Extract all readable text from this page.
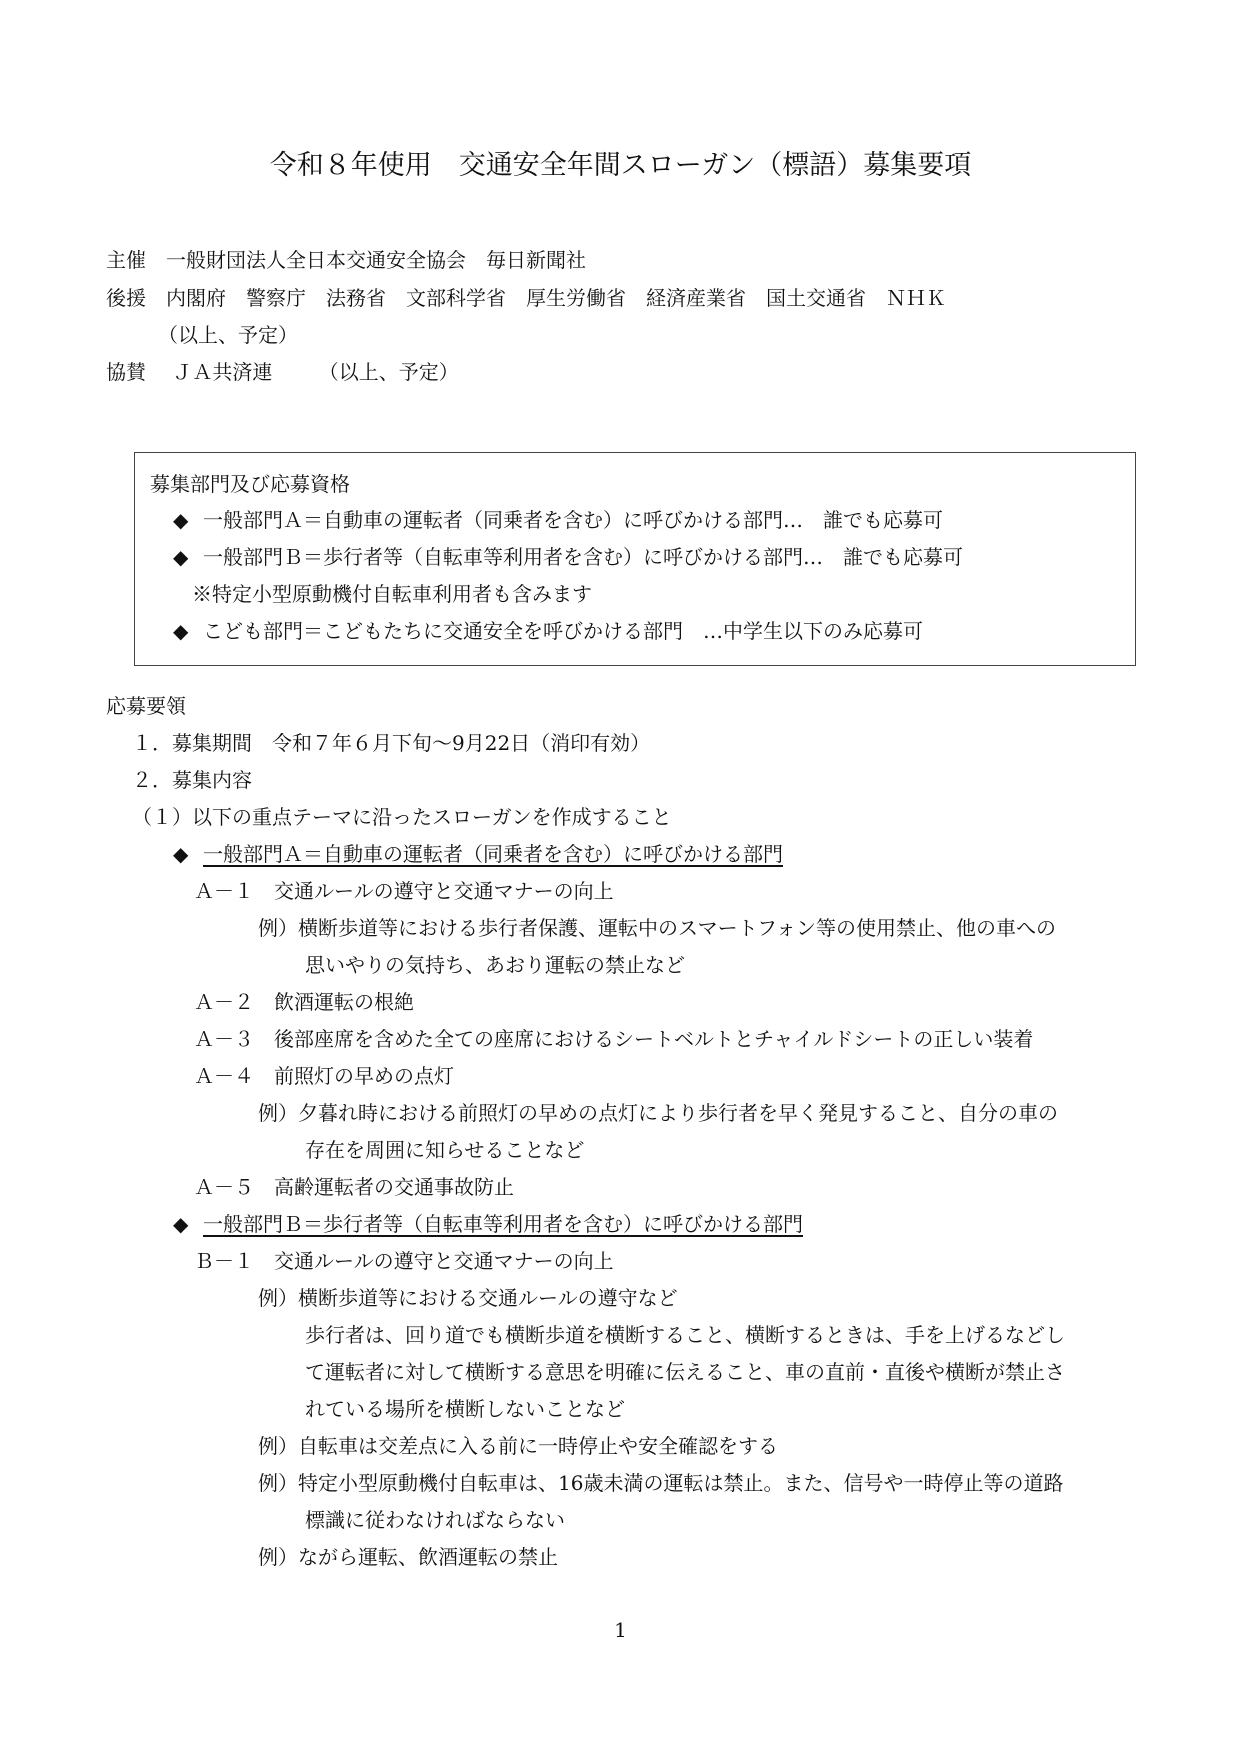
令和８年使用　交通安全年間スローガン（標語）募集要項
主催　一般財団法人全日本交通安全協会　毎日新聞社
後援　内閣府　警察庁　法務省　文部科学省　厚生労働省　経済産業省　国土交通省　ＮＨＫ
（以上、予定）
協賛　 ＪＡ共済連　　 （以上、予定）
募集部門及び応募資格
◆ 一般部門Ａ＝自動車の運転者（同乗者を含む）に呼びかける部門…　誰でも応募可
◆ 一般部門Ｂ＝歩行者等（自転車等利用者を含む）に呼びかける部門…　誰でも応募可
※特定小型原動機付自転車利用者も含みます
◆ こども部門＝こどもたちに交通安全を呼びかける部門　…中学生以下のみ応募可
応募要領
１．募集期間　令和７年６月下旬～9月22日（消印有効）
２．募集内容
（１）以下の重点テーマに沿ったスローガンを作成すること
◆ 一般部門Ａ＝自動車の運転者（同乗者を含む）に呼びかける部門
Ａ－１　交通ルールの遵守と交通マナーの向上
例）横断歩道等における歩行者保護、運転中のスマートフォン等の使用禁止、他の車への
思いやりの気持ち、あおり運転の禁止など
Ａ－２　飲酒運転の根絶
Ａ－３　後部座席を含めた全ての座席におけるシートベルトとチャイルドシートの正しい装着
Ａ－４　前照灯の早めの点灯
例）夕暮れ時における前照灯の早めの点灯により歩行者を早く発見すること、自分の車の
存在を周囲に知らせることなど
Ａ－５　高齢運転者の交通事故防止
◆ 一般部門Ｂ＝歩行者等（自転車等利用者を含む）に呼びかける部門
Ｂ－１　交通ルールの遵守と交通マナーの向上
例）横断歩道等における交通ルールの遵守など
歩行者は、回り道でも横断歩道を横断すること、横断するときは、手を上げるなどし
て運転者に対して横断する意思を明確に伝えること、車の直前・直後や横断が禁止さ
れている場所を横断しないことなど
例）自転車は交差点に入る前に一時停止や安全確認をする
例）特定小型原動機付自転車は、16歳未満の運転は禁止。また、信号や一時停止等の道路
標識に従わなければならない
例）ながら運転、飲酒運転の禁止
1
